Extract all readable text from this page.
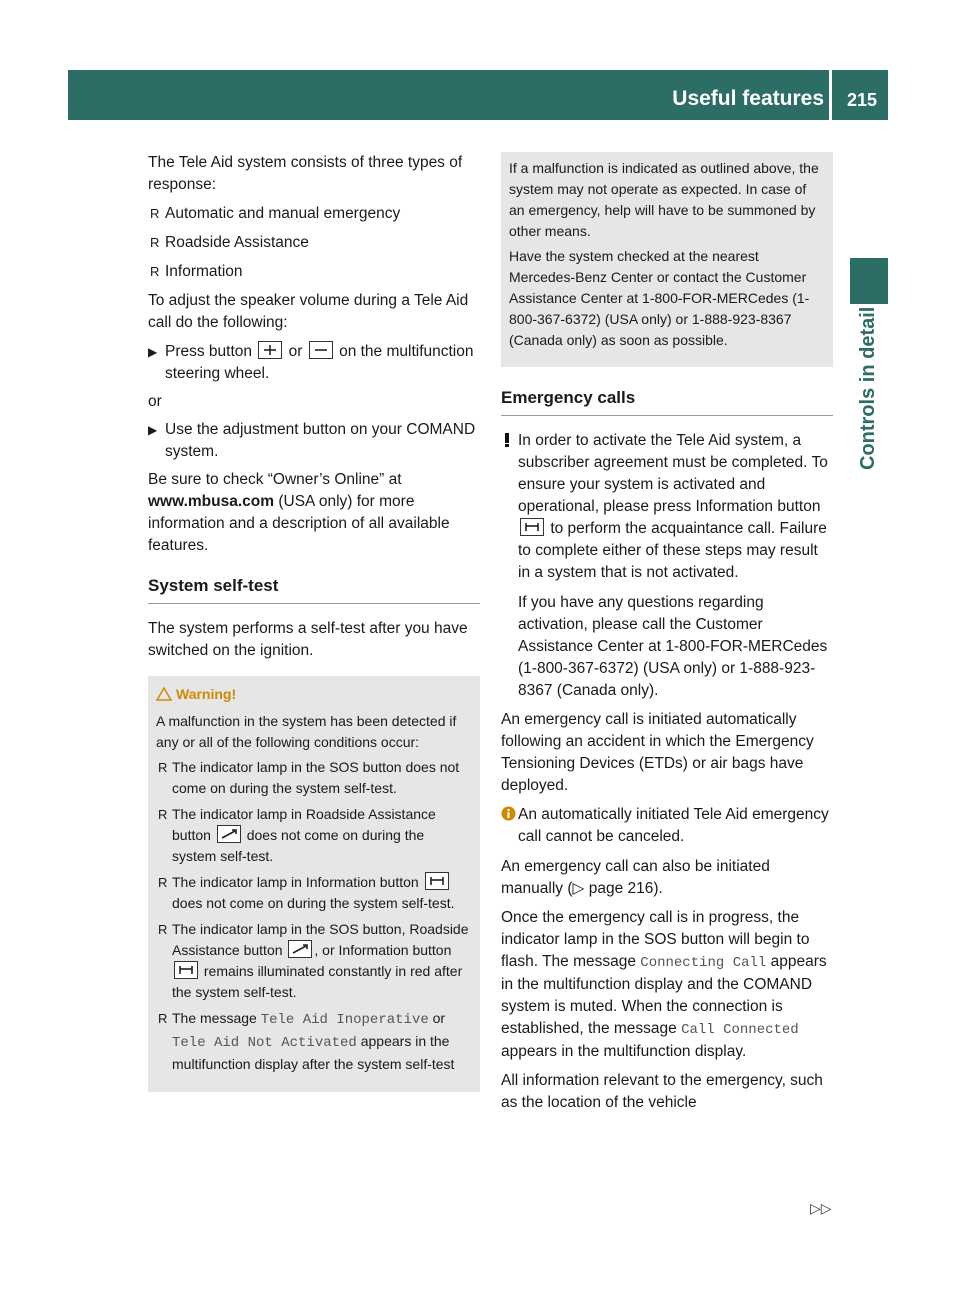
Useful features	215
Controls in detail

The Tele Aid system consists of three types of response:

R Automatic and manual emergency
R Roadside Assistance
R Information

To adjust the speaker volume during a Tele Aid call do the following:

▶ Press button or on the multifunction steering wheel.

or

▶ Use the adjustment button on your COMAND system.

Be sure to check “Owner’s Online” at www.mbusa.com (USA only) for more information and a description of all available features.

System self-test

The system performs a self-test after you have switched on the ignition.

Warning!

A malfunction in the system has been detected if any or all of the following conditions occur:

R The indicator lamp in the SOS button does not come on during the system self-test.
R The indicator lamp in Roadside Assistance button	does not come on during the system self-test.
R The indicator lamp in Information button
does not come on during the system self-test.
R The indicator lamp in the SOS button, Roadside Assistance button , or Information button
remains illuminated constantly in red after the system self-test.
R The message Tele Aid Inoperative or Tele Aid Not Activated appears in the multifunction display after the system self-test

If a malfunction is indicated as outlined above, the system may not operate as expected. In case of an emergency, help will have to be summoned by other means.

Have the system checked at the nearest Mercedes-Benz Center or contact the Customer Assistance Center at 1-800-FOR-MERCedes (1-800-367-6372) (USA only) or 1-888-923-8367 (Canada only) as soon as possible.

Emergency calls
In order to activate the Tele Aid system, a subscriber agreement must be completed. To ensure your system is activated and operational, please press Information button
to perform the acquaintance call. Failure to complete either of these steps may result in a system that is not activated.

If you have any questions regarding activation, please call the Customer Assistance Center at 1-800-FOR-MERCedes (1-800-367-6372) (USA only) or 1-888-923-8367 (Canada only).

An emergency call is initiated automatically following an accident in which the Emergency Tensioning Devices (ETDs) or air bags have deployed.

An automatically initiated Tele Aid emergency call cannot be canceled.

An emergency call can also be initiated manually (▷ page 216).

Once the emergency call is in progress, the indicator lamp in the SOS button will begin to flash. The message Connecting Call appears in the multifunction display and the COMAND system is muted. When the connection is established, the message Call Connected appears in the multifunction display.

All information relevant to the emergency, such as the location of the vehicle

▷▷
